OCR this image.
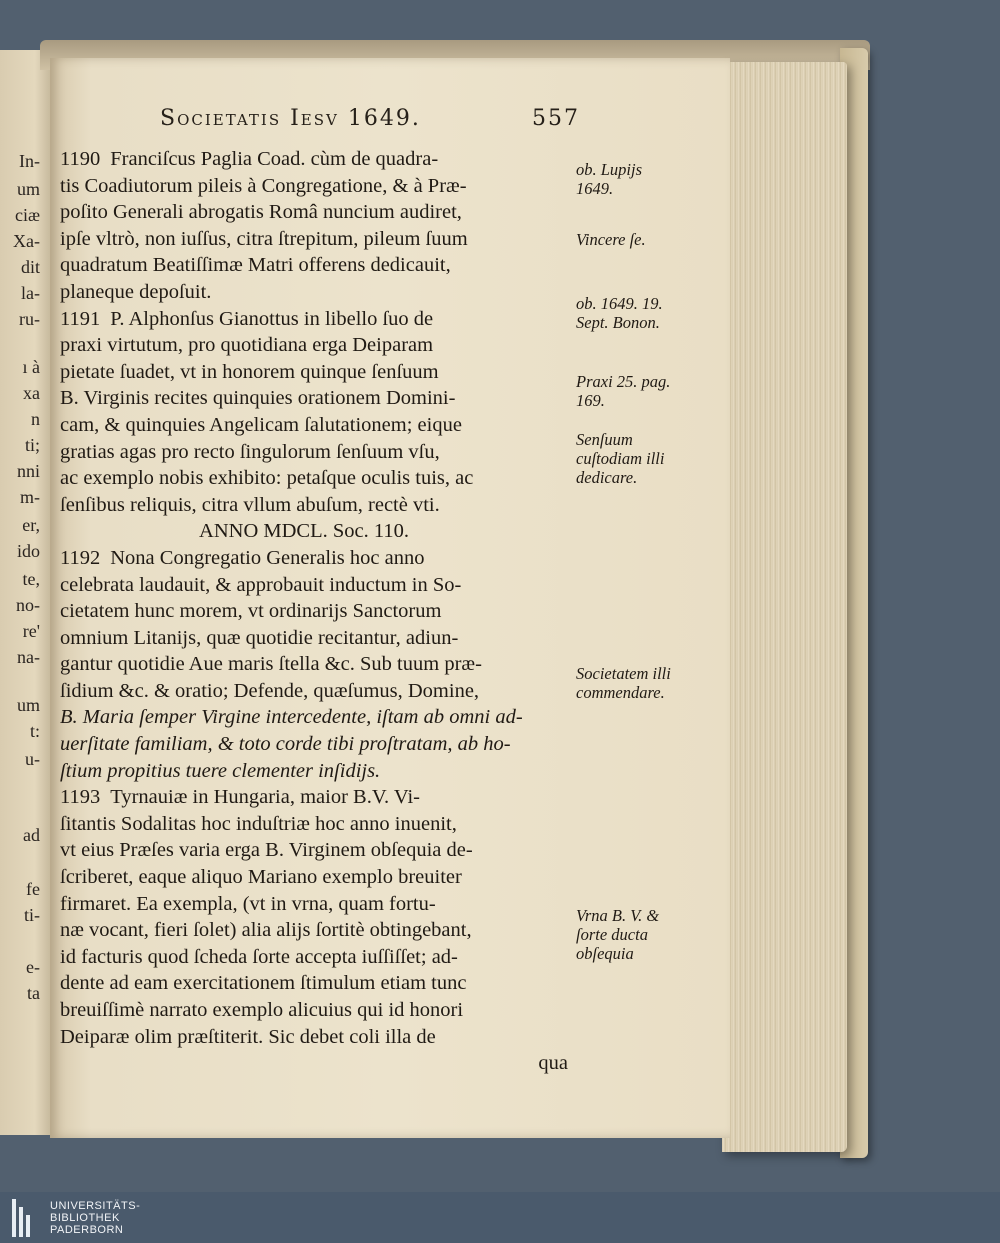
In-
um
ciæ
Xa-
dit
la-
ru-
ı à
xa
n
ti;
nni
m-
er,
ido
te,
no-
re'
na-
um
t:
u-
ad
fe
ti-
e-
ta
Societatis Iesv 1649.	557
1190 Franciſcus Paglia Coad. cùm de quadra-
tis Coadiutorum pileis à Congregatione, & à Præ-
poſito Generali abrogatis Româ nuncium audiret,
ipſe vltrò, non iuſſus, citra ſtrepitum, pileum ſuum
quadratum Beatiſſimæ Matri offerens dedicauit,
planeque depoſuit.
1191 P. Alphonſus Gianottus in libello ſuo de
praxi virtutum, pro quotidiana erga Deiparam
pietate ſuadet, vt in honorem quinque ſenſuum
B. Virginis recites quinquies orationem Domini-
cam, & quinquies Angelicam ſalutationem; eique
gratias agas pro recto ſingulorum ſenſuum vſu,
ac exemplo nobis exhibito: petaſque oculis tuis, ac
ſenſibus reliquis, citra vllum abuſum, rectè vti.
ANNO MDCL. Soc. 110.
1192 Nona Congregatio Generalis hoc anno
celebrata laudauit, & approbauit inductum in So-
cietatem hunc morem, vt ordinarijs Sanctorum
omnium Litanijs, quæ quotidie recitantur, adiun-
gantur quotidie Aue maris ſtella &c. Sub tuum præ-
ſidium &c. & oratio; Defende, quæſumus, Domine,
B. Maria ſemper Virgine intercedente, iſtam ab omni ad-
uerſitate familiam, & toto corde tibi proſtratam, ab ho-
ſtium propitius tuere clementer inſidijs.
1193 Tyrnauiæ in Hungaria, maior B.V. Vi-
ſitantis Sodalitas hoc induſtriæ hoc anno inuenit,
vt eius Præſes varia erga B. Virginem obſequia de-
ſcriberet, eaque aliquo Mariano exemplo breuiter
firmaret. Ea exempla, (vt in vrna, quam fortu-
næ vocant, fieri ſolet) alia alijs ſortitè obtingebant,
id facturis quod ſcheda ſorte accepta iuſſiſſet; ad-
dente ad eam exercitationem ſtimulum etiam tunc
breuiſſimè narrato exemplo alicuius qui id honori
Deiparæ olim præſtiterit. Sic debet coli illa de
qua
ob. Lupijs 1649.
Vincere ſe.
ob. 1649. 19. Sept. Bonon.
Praxi 25. pag. 169.
Senſuum cuſtodiam illi dedicare.
Societatem illi commendare.
Vrna B. V. & ſorte ducta obſequia
UNIVERSITÄTS-
BIBLIOTHEK
PADERBORN
